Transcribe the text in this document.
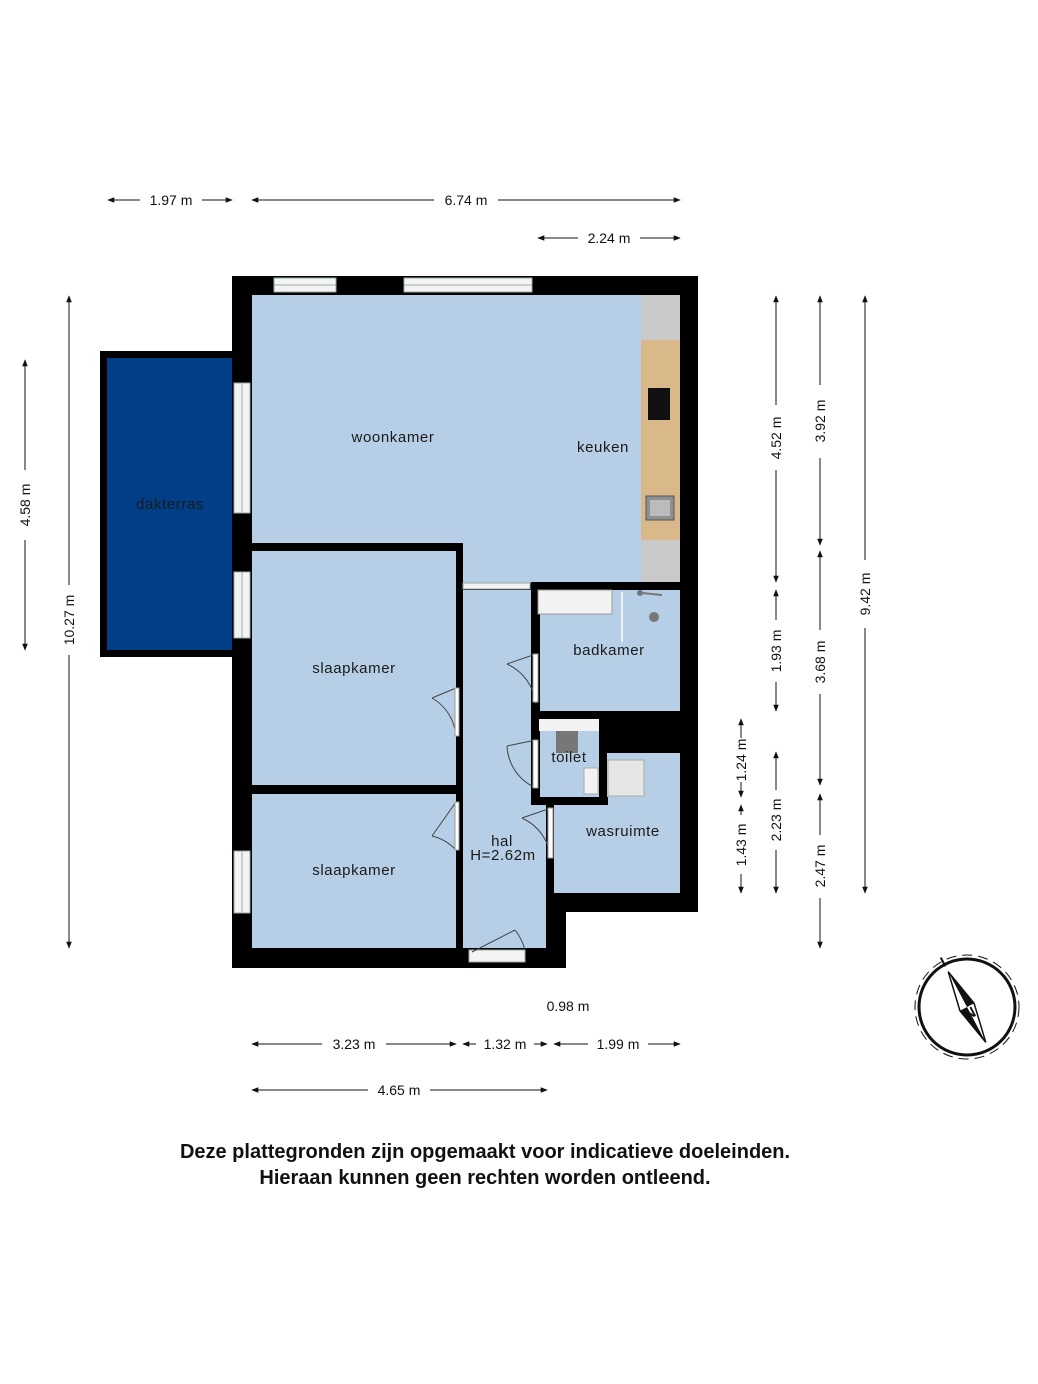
woonkamer
keuken
dakterras
slaapkamer
slaapkamer
badkamer
toilet
wasruimte
hal
H=2.62m
1.97 m	6.74 m
2.24 m
0.98 m
3.23 m	1.32 m	1.99 m
4.65 m
4.58 m
10.27 m
4.52 m
1.93 m
1.24 m
1.43 m
2.23 m
3.92 m
3.68 m
2.47 m
9.42 m
N
Deze plattegronden zijn opgemaakt voor indicatieve doeleinden.
Hieraan kunnen geen rechten worden ontleend.
